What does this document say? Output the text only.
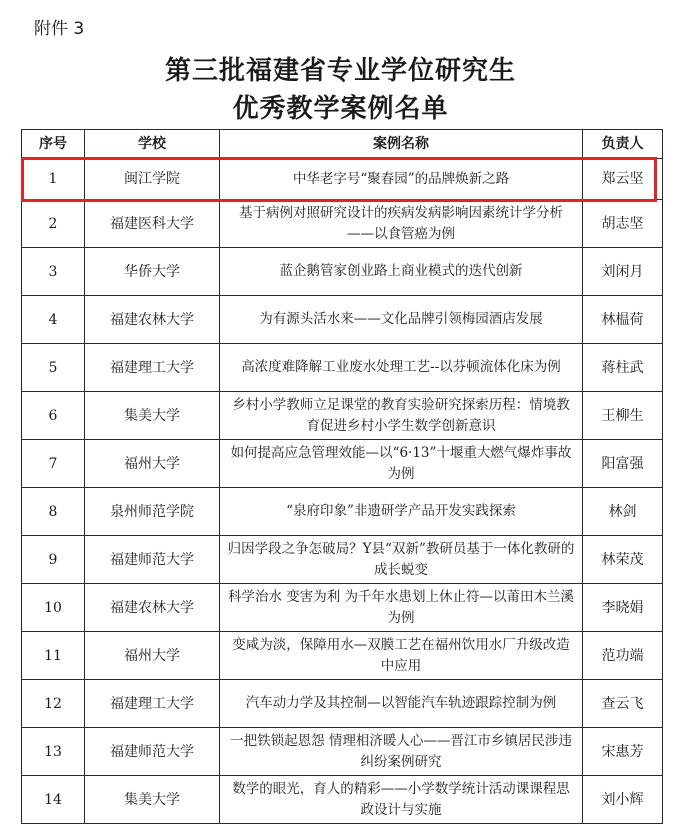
附件 3
第三批福建省专业学位研究生
优秀教学案例名单
序号	学校	案例名称	负责人
1	闽江学院	中华老字号“聚春园”的品牌焕新之路	郑云坚
2	福建医科大学	基于病例对照研究设计的疾病发病影响因素统计学分析——以食管癌为例	胡志坚
3	华侨大学	蓝企鹅管家创业路上商业模式的迭代创新	刘闲月
4	福建农林大学	为有源头活水来——文化品牌引领梅园酒店发展	林榅荷
5	福建理工大学	高浓度难降解工业废水处理工艺--以芬顿流体化床为例	蒋柱武
6	集美大学	乡村小学教师立足课堂的教育实验研究探索历程：情境教育促进乡村小学生数学创新意识	王柳生
7	福州大学	如何提高应急管理效能—以“6·13”十堰重大燃气爆炸事故为例	阳富强
8	泉州师范学院	“泉府印象”非遗研学产品开发实践探索	林剑
9	福建师范大学	归因学段之争怎破局？Y县“双新”教研员基于一体化教研的成长蜕变	林荣茂
10	福建农林大学	科学治水 变害为利 为千年水患划上休止符—以莆田木兰溪为例	李晓娟
11	福州大学	变咸为淡，保障用水—双膜工艺在福州饮用水厂升级改造中应用	范功端
12	福建理工大学	汽车动力学及其控制—以智能汽车轨迹跟踪控制为例	查云飞
13	福建师范大学	一把铁锁起恩怨 情理相济暖人心——晋江市乡镇居民涉违纠纷案例研究	宋惠芳
14	集美大学	数学的眼光，育人的精彩——小学数学统计活动课课程思政设计与实施	刘小辉
